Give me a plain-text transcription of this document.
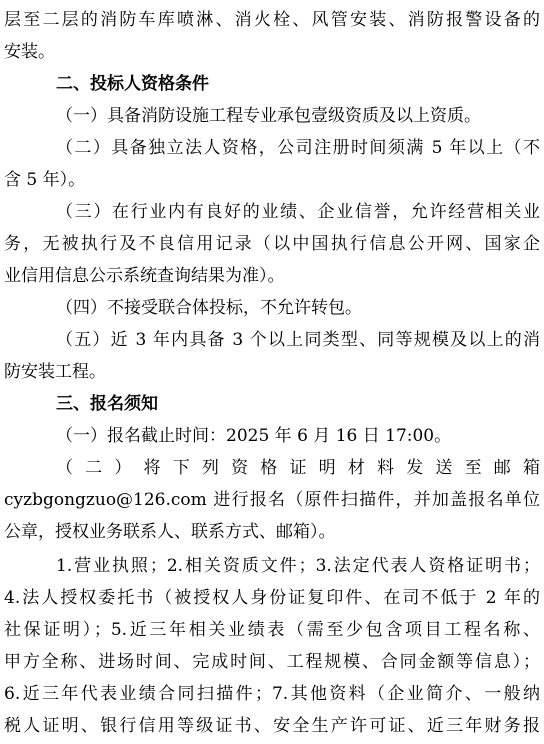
层至二层的消防车库喷淋、消火栓、风管安装、消防报警设备的
安装。
二、投标人资格条件
（一）具备消防设施工程专业承包壹级资质及以上资质。
（二）具备独立法人资格，公司注册时间须满 5 年以上（不
含 5 年）。
（三）在行业内有良好的业绩、企业信誉，允许经营相关业
务，无被执行及不良信用记录（以中国执行信息公开网、国家企
业信用信息公示系统查询结果为准）。
（四）不接受联合体投标，不允许转包。
（五）近 3 年内具备 3 个以上同类型、同等规模及以上的消
防安装工程。
三、报名须知
（一）报名截止时间：2025 年 6 月 16 日 17:00。
（ 二 ） 将 下 列 资 格 证 明 材 料 发 送 至 邮 箱
cyzbgongzuo@126.com 进行报名（原件扫描件，并加盖报名单位
公章，授权业务联系人、联系方式、邮箱）。
1.营业执照；2.相关资质文件；3.法定代表人资格证明书；
4.法人授权委托书（被授权人身份证复印件、在司不低于 2 年的
社保证明）；5.近三年相关业绩表（需至少包含项目工程名称、
甲方全称、进场时间、完成时间、工程规模、合同金额等信息）；
6.近三年代表业绩合同扫描件；7.其他资料（企业简介、一般纳
税人证明、银行信用等级证书、安全生产许可证、近三年财务报
